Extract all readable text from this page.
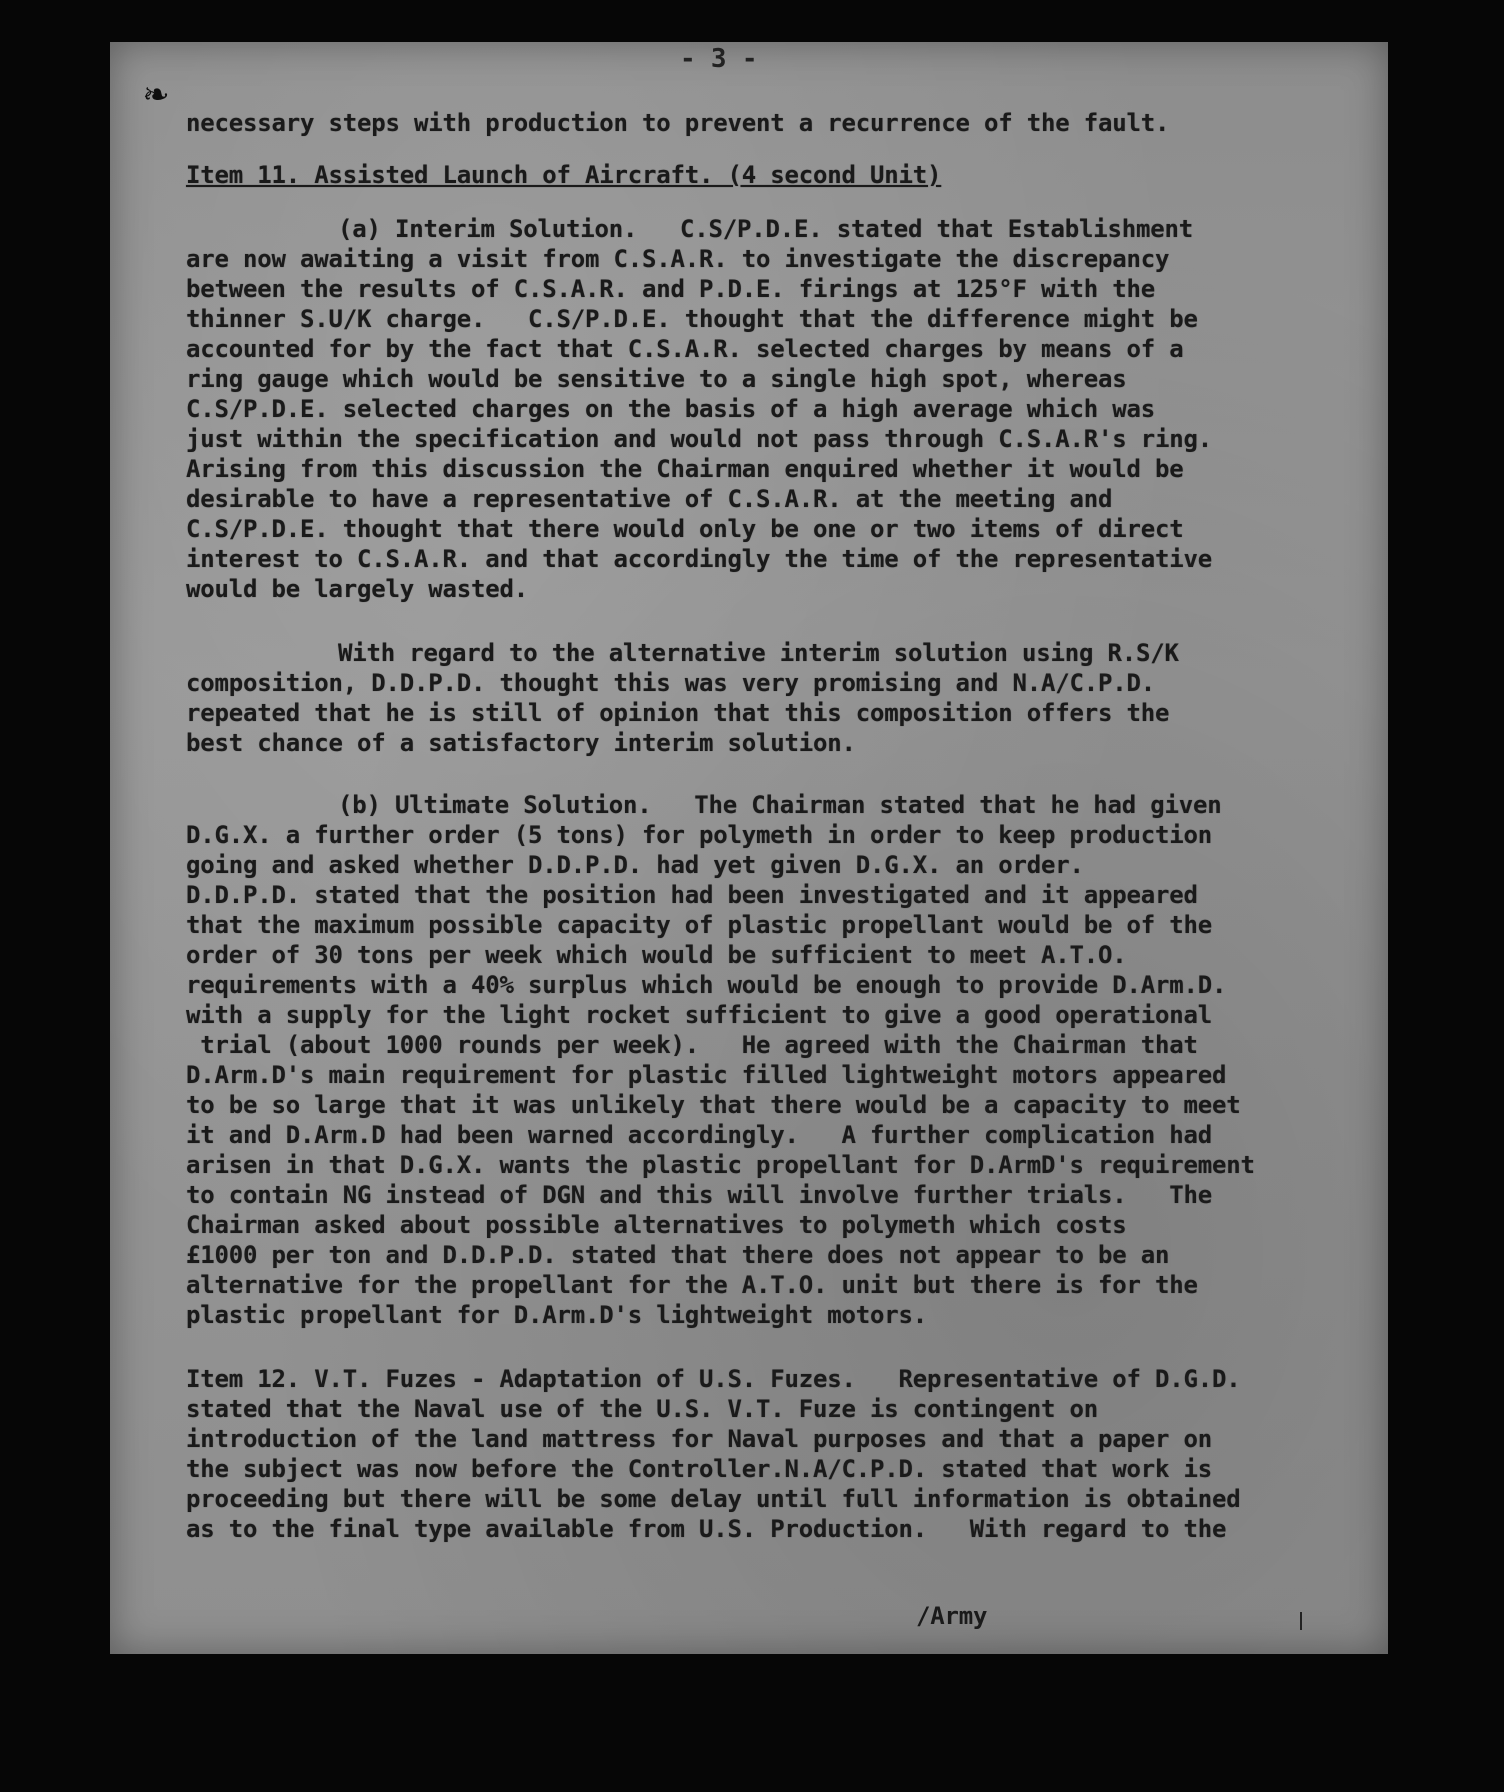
- 3 -
❧
necessary steps with production to prevent a recurrence of the fault.
Item 11. Assisted Launch of Aircraft. (4 second Unit)
(a) Interim Solution.   C.S/P.D.E. stated that Establishment
are now awaiting a visit from C.S.A.R. to investigate the discrepancy
between the results of C.S.A.R. and P.D.E. firings at 125°F with the
thinner S.U/K charge.   C.S/P.D.E. thought that the difference might be
accounted for by the fact that C.S.A.R. selected charges by means of a
ring gauge which would be sensitive to a single high spot, whereas
C.S/P.D.E. selected charges on the basis of a high average which was
just within the specification and would not pass through C.S.A.R's ring.
Arising from this discussion the Chairman enquired whether it would be
desirable to have a representative of C.S.A.R. at the meeting and
C.S/P.D.E. thought that there would only be one or two items of direct
interest to C.S.A.R. and that accordingly the time of the representative
would be largely wasted.
With regard to the alternative interim solution using R.S/K
composition, D.D.P.D. thought this was very promising and N.A/C.P.D.
repeated that he is still of opinion that this composition offers the
best chance of a satisfactory interim solution.
(b) Ultimate Solution.   The Chairman stated that he had given
D.G.X. a further order (5 tons) for polymeth in order to keep production
going and asked whether D.D.P.D. had yet given D.G.X. an order.
D.D.P.D. stated that the position had been investigated and it appeared
that the maximum possible capacity of plastic propellant would be of the
order of 30 tons per week which would be sufficient to meet A.T.O.
requirements with a 40% surplus which would be enough to provide D.Arm.D.
with a supply for the light rocket sufficient to give a good operational
trial (about 1000 rounds per week).   He agreed with the Chairman that
D.Arm.D's main requirement for plastic filled lightweight motors appeared
to be so large that it was unlikely that there would be a capacity to meet
it and D.Arm.D had been warned accordingly.   A further complication had
arisen in that D.G.X. wants the plastic propellant for D.ArmD's requirement
to contain NG instead of DGN and this will involve further trials.   The
Chairman asked about possible alternatives to polymeth which costs
£1000 per ton and D.D.P.D. stated that there does not appear to be an
alternative for the propellant for the A.T.O. unit but there is for the
plastic propellant for D.Arm.D's lightweight motors.
Item 12. V.T. Fuzes - Adaptation of U.S. Fuzes.   Representative of D.G.D.
stated that the Naval use of the U.S. V.T. Fuze is contingent on
introduction of the land mattress for Naval purposes and that a paper on
the subject was now before the Controller.N.A/C.P.D. stated that work is
proceeding but there will be some delay until full information is obtained
as to the final type available from U.S. Production.   With regard to the
/Army
